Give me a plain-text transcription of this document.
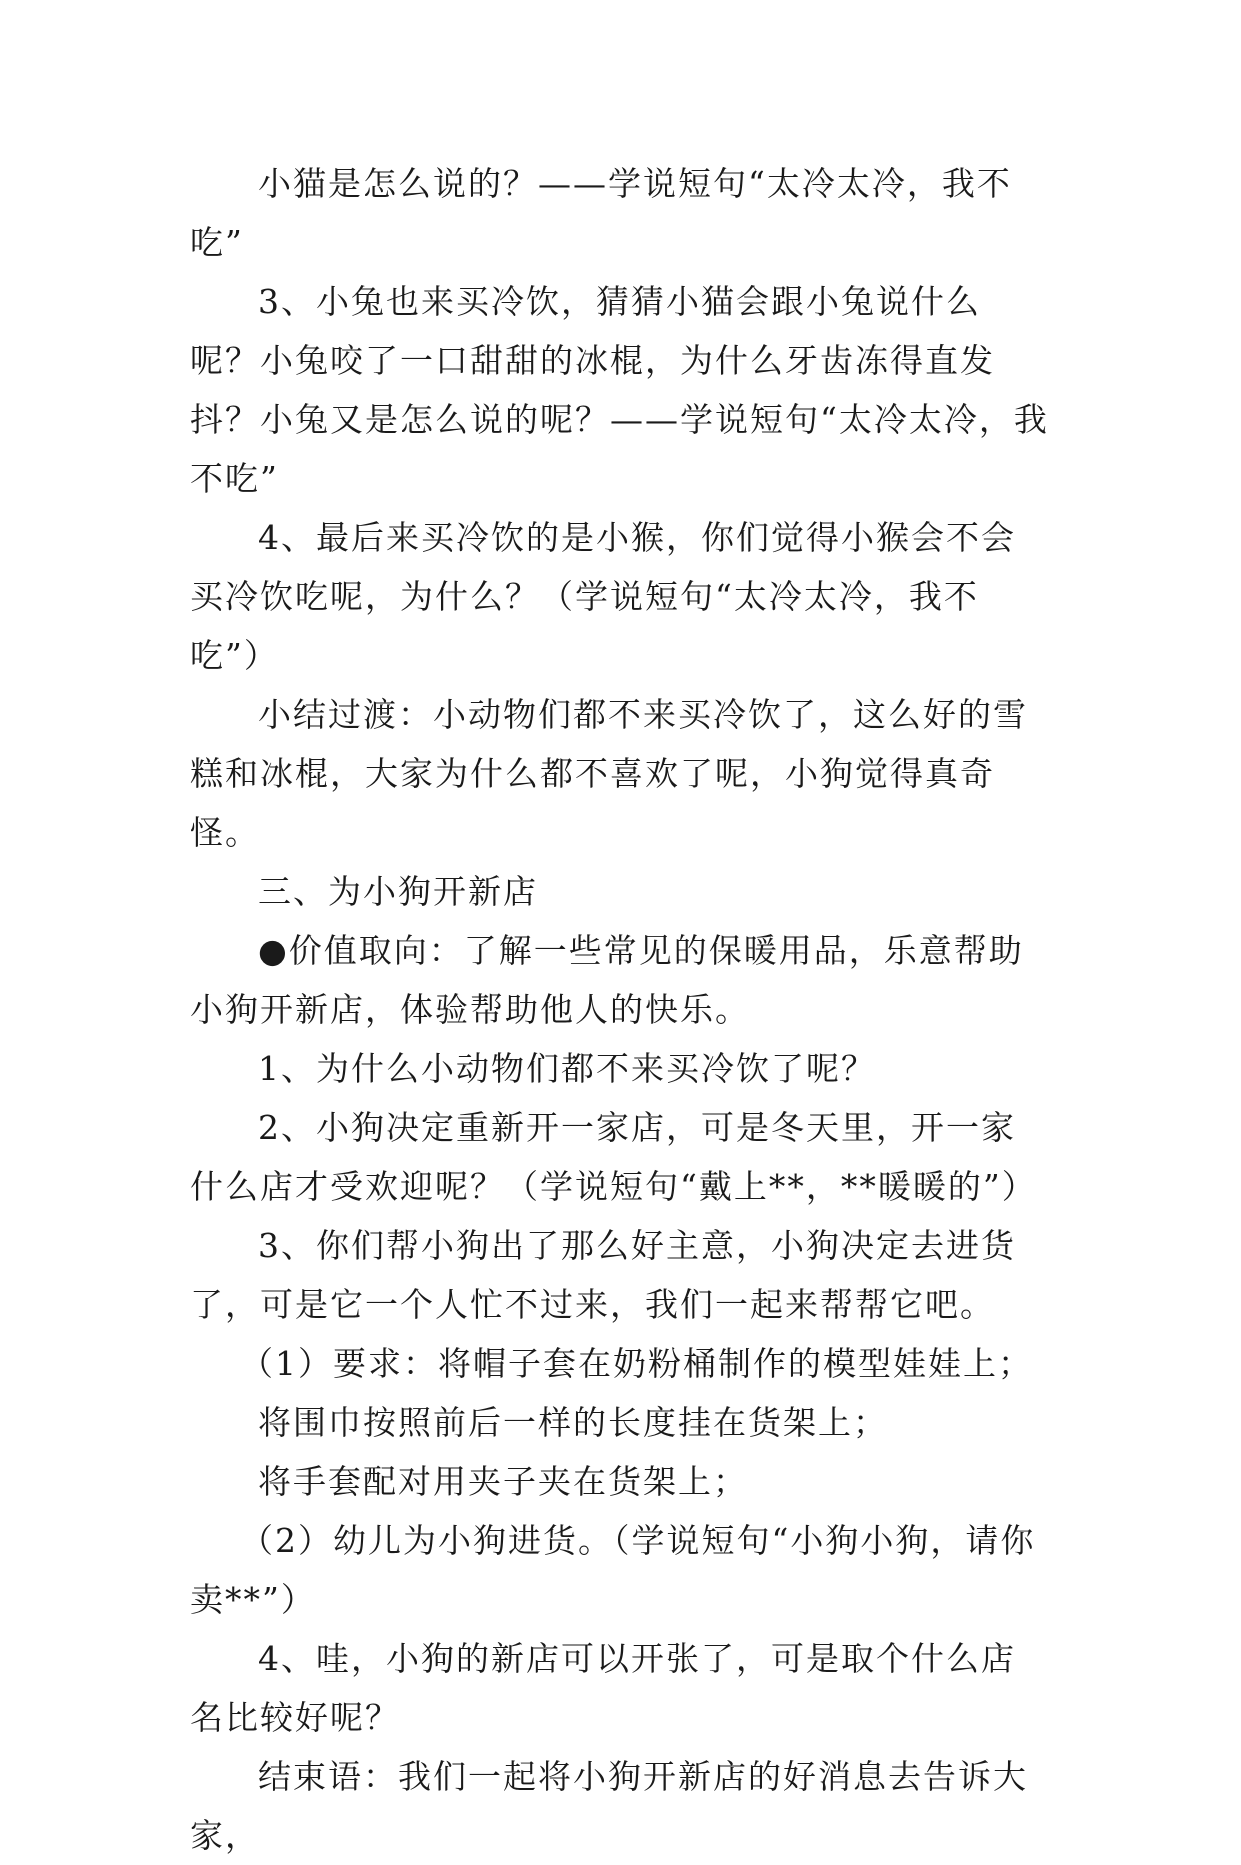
小猫是怎么说的？——学说短句“太冷太冷，我不吃”

3、小兔也来买冷饮，猜猜小猫会跟小兔说什么呢？小兔咬了一口甜甜的冰棍，为什么牙齿冻得直发抖？小兔又是怎么说的呢？——学说短句“太冷太冷，我不吃”

4、最后来买冷饮的是小猴，你们觉得小猴会不会买冷饮吃呢，为什么？（学说短句“太冷太冷，我不吃”）

小结过渡：小动物们都不来买冷饮了，这么好的雪糕和冰棍，大家为什么都不喜欢了呢，小狗觉得真奇怪。

三、为小狗开新店

●价值取向：了解一些常见的保暖用品，乐意帮助小狗开新店，体验帮助他人的快乐。

1、为什么小动物们都不来买冷饮了呢？

2、小狗决定重新开一家店，可是冬天里，开一家什么店才受欢迎呢？（学说短句“戴上**，**暖暖的”）

3、你们帮小狗出了那么好主意，小狗决定去进货了，可是它一个人忙不过来，我们一起来帮帮它吧。

（1）要求：将帽子套在奶粉桶制作的模型娃娃上；

将围巾按照前后一样的长度挂在货架上；

将手套配对用夹子夹在货架上；

（2）幼儿为小狗进货。（学说短句“小狗小狗，请你卖**”）

4、哇，小狗的新店可以开张了，可是取个什么店名比较好呢？

结束语：我们一起将小狗开新店的好消息去告诉大家，
